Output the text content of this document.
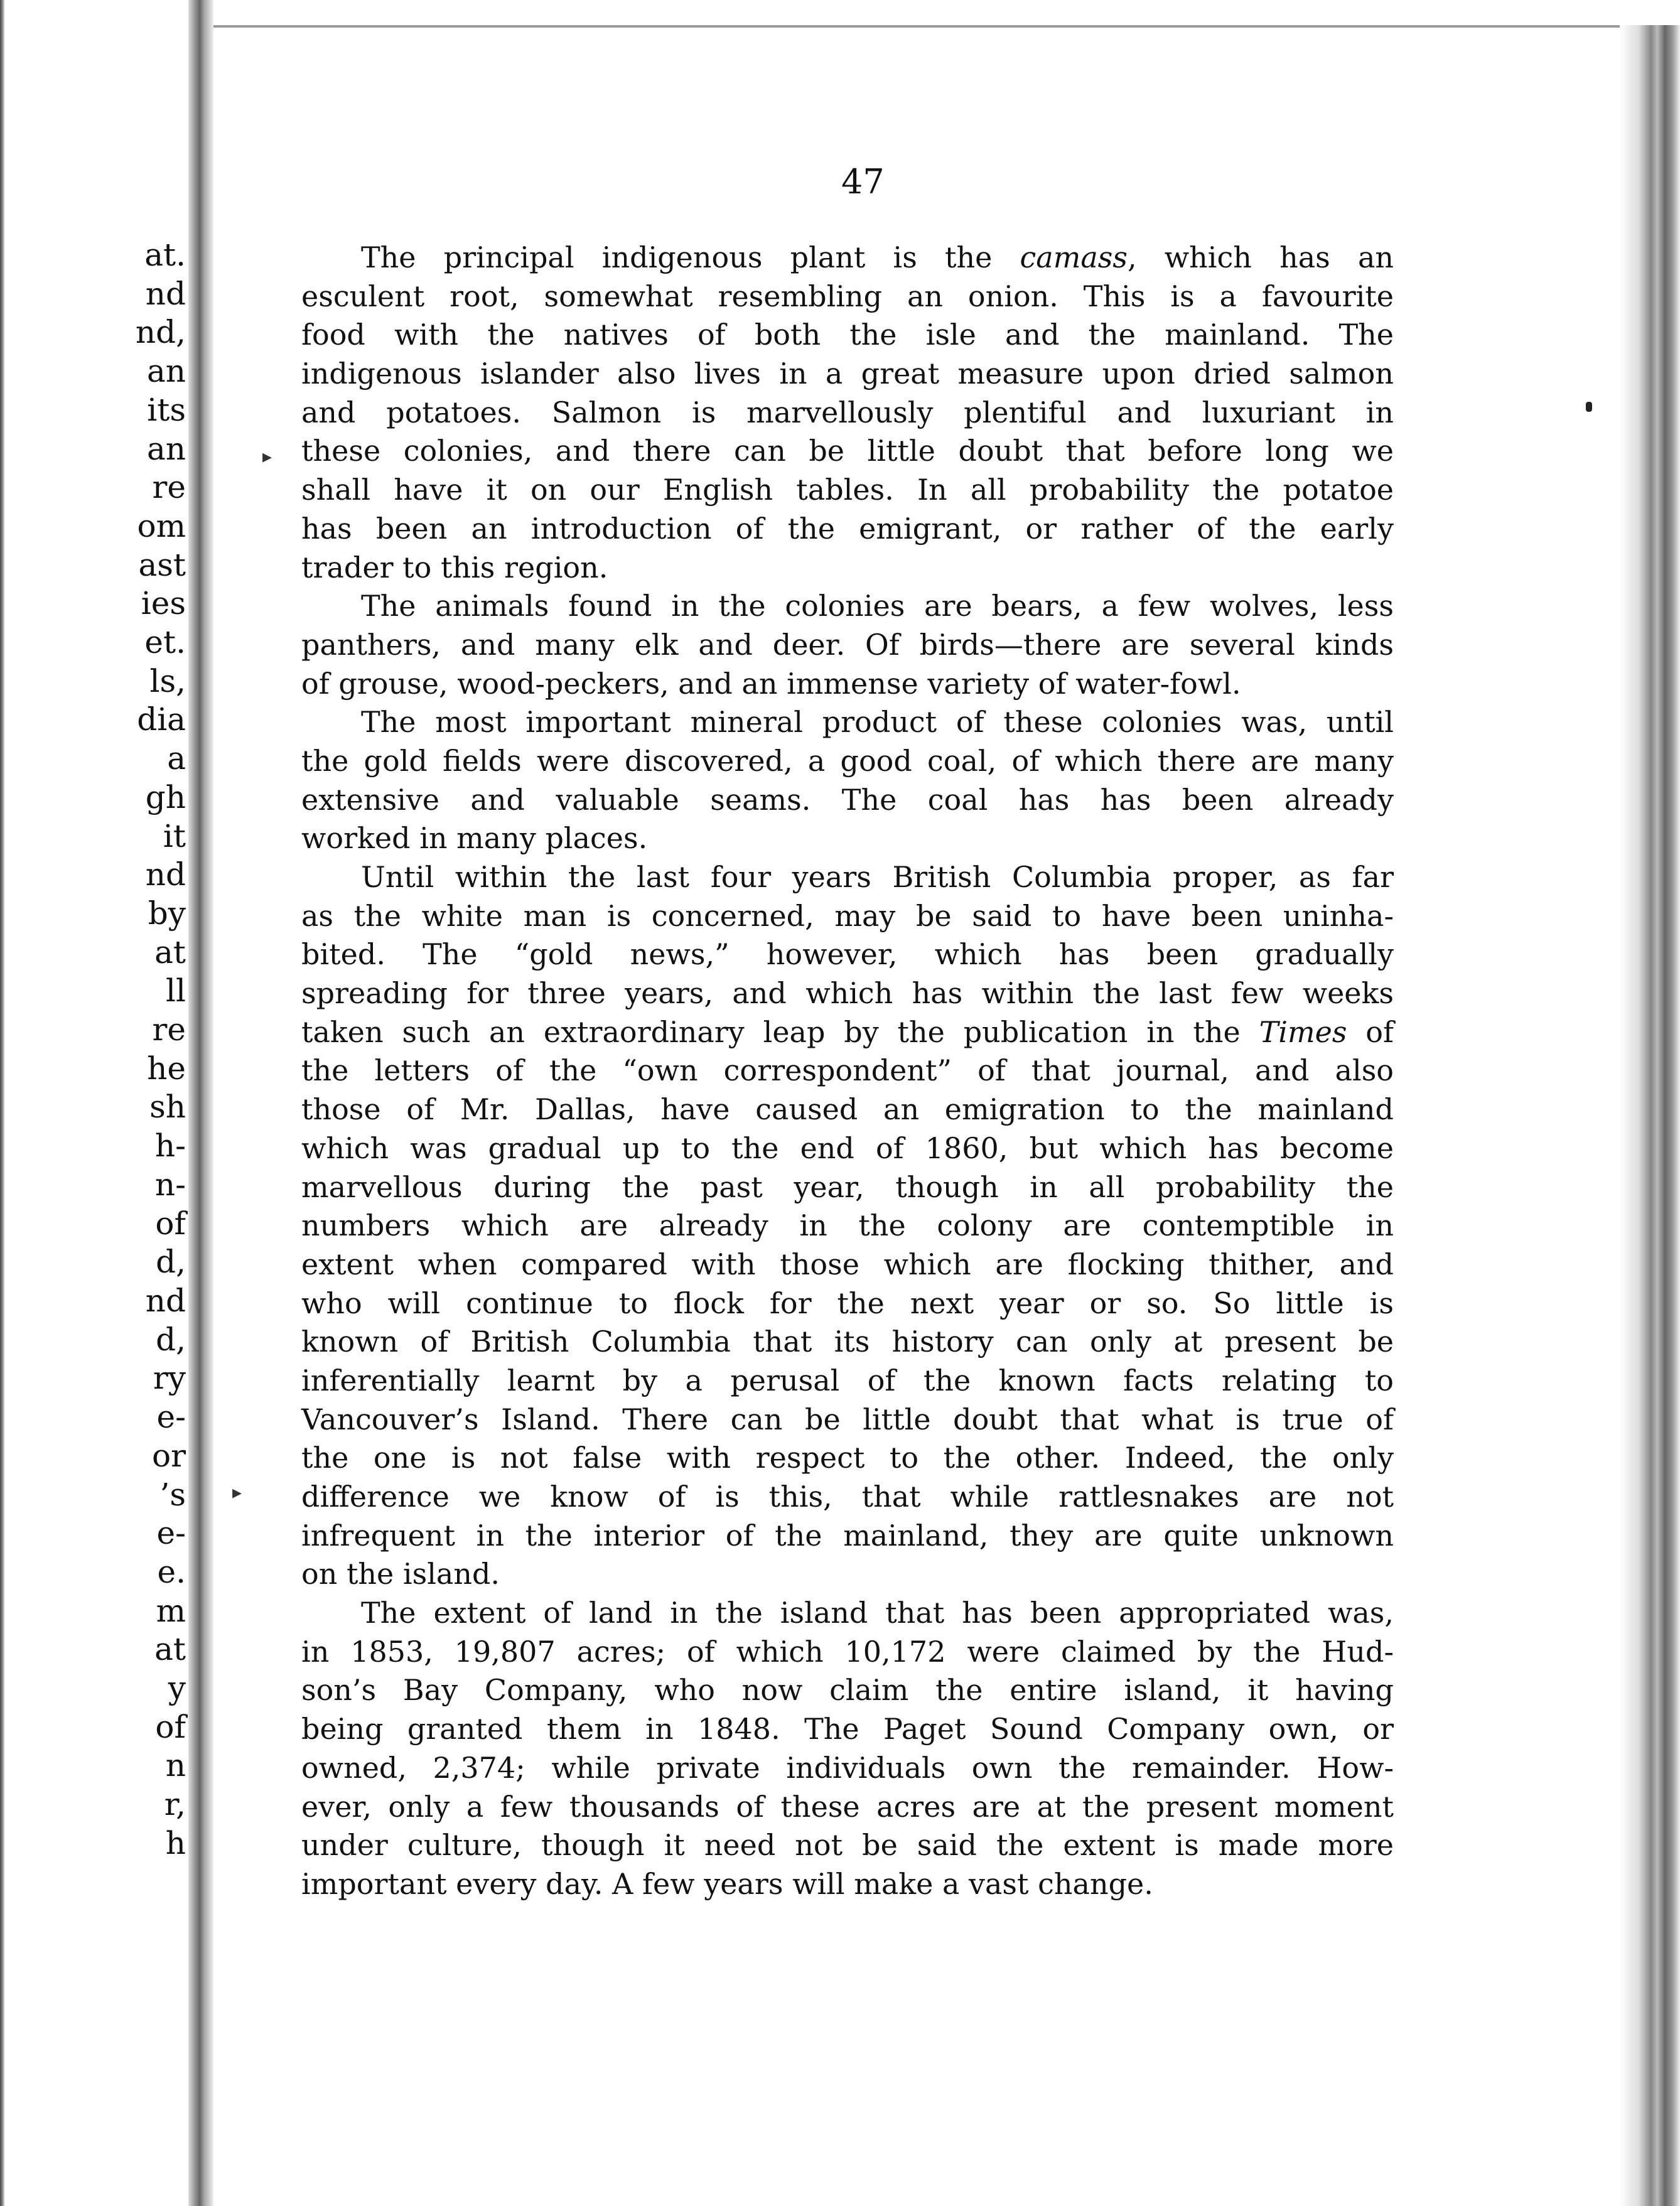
at.
nd
nd,
an
its
an
re
om
ast
ies
et.
ls,
dia
a
gh
it
nd
by
at
ll
re
he
sh
h-
n-
of
d,
nd
d,
ry
e-
or
’s
e-
e.
m
at
y
of
n
r,
h
47
The principal indigenous plant is the camass, which has an
esculent root, somewhat resembling an onion. This is a favourite
food with the natives of both the isle and the mainland. The
indigenous islander also lives in a great measure upon dried salmon
and potatoes. Salmon is marvellously plentiful and luxuriant in
these colonies, and there can be little doubt that before long we
shall have it on our English tables. In all probability the potatoe
has been an introduction of the emigrant, or rather of the early
trader to this region.
The animals found in the colonies are bears, a few wolves, less
panthers, and many elk and deer. Of birds—there are several kinds
of grouse, wood-peckers, and an immense variety of water-fowl.
The most important mineral product of these colonies was, until
the gold fields were discovered, a good coal, of which there are many
extensive and valuable seams. The coal has has been already
worked in many places.
Until within the last four years British Columbia proper, as far
as the white man is concerned, may be said to have been uninha-
bited. The “gold news,” however, which has been gradually
spreading for three years, and which has within the last few weeks
taken such an extraordinary leap by the publication in the Times of
the letters of the “own correspondent” of that journal, and also
those of Mr. Dallas, have caused an emigration to the mainland
which was gradual up to the end of 1860, but which has become
marvellous during the past year, though in all probability the
numbers which are already in the colony are contemptible in
extent when compared with those which are flocking thither, and
who will continue to flock for the next year or so. So little is
known of British Columbia that its history can only at present be
inferentially learnt by a perusal of the known facts relating to
Vancouver’s Island. There can be little doubt that what is true of
the one is not false with respect to the other. Indeed, the only
difference we know of is this, that while rattlesnakes are not
infrequent in the interior of the mainland, they are quite unknown
on the island.
The extent of land in the island that has been appropriated was,
in 1853, 19,807 acres; of which 10,172 were claimed by the Hud-
son’s Bay Company, who now claim the entire island, it having
being granted them in 1848. The Paget Sound Company own, or
owned, 2,374; while private individuals own the remainder. How-
ever, only a few thousands of these acres are at the present moment
under culture, though it need not be said the extent is made more
important every day. A few years will make a vast change.
▸
▸
